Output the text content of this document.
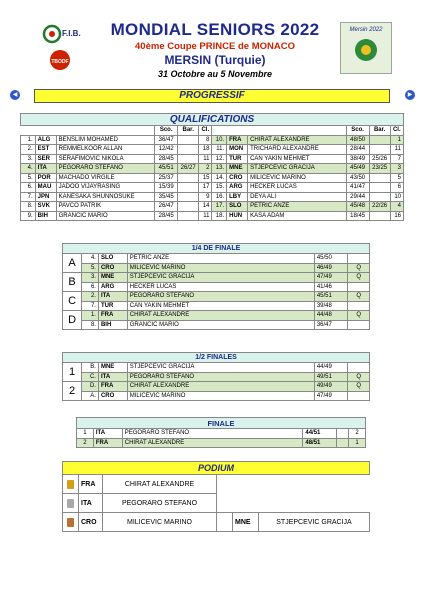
F.I.B.
TBODF
MONDIAL SENIORS 2022
40ème Coupe PRINCE de MONACO
MERSIN (Turquie)
31 Octobre au 5 Novembre
Mersin 2022
◀	PROGRESSIF	▶
QUALIFICATIONS											
			Sco.	Bar.	Cl.				Sco.	Bar.	Cl.
1.	ALG	BENSLIM MOHAMED	36/47		8	10.	FRA	CHIRAT ALEXANDRE	48/50		1
2.	EST	REMMELKOOR ALLAN	12/42		18	11.	MON	TRICHARD ALEXANDRE	28/44		11
3.	SER	SERAFIMOVIC NIKOLA	28/45		11	12.	TUR	CAN YAKIN MEHMET	38/49	25/26	7
4.	ITA	PEGORARO STEFANO	45/51	26/27	2	13.	MNE	STJEPCEVIC GRACIJA	45/49	23/25	3
5.	POR	MACHADO VIRGILE	25/37		15	14.	CRO	MILICEVIC MARINO	43/50		5
6.	MAU	JADOO VIJAYRASING	15/39		17	15.	ARG	HECKER LUCAS	41/47		6
7.	JPN	KANESAKA SHUNNOSUKE	35/45		9	16.	LBY	DEYA ALI	29/44		10
8.	SVK	PAVCO PATRIK	26/47		14	17.	SLO	PETRIC ANZE	45/48	22/26	4
9.	BIH	GRANCIC MARIO	28/45		11	18.	HUN	KASA ADAM	18/45		16
1/4 DE FINALE					
A	4.	SLO	PETRIC ANZE	45/50	
	5.	CRO	MILICEVIC MARINO	46/49	Q
B	3.	MNE	STJEPCEVIC GRACIJA	47/49	Q
	6.	ARG	HECKER LUCAS	41/46	
C	2.	ITA	PEGORARO STEFANO	45/51	Q
	7.	TUR	CAN YAKIN MEHMET	39/48	
D	1.	FRA	CHIRAT ALEXANDRE	44/48	Q
	8.	BIH	GRANCIC MARIO	36/47	
1/2 FINALES					
1	B.	MNE	STJEPCEVIC GRACIJA	44/49	
	C.	ITA	PEGORARO STEFANO	49/51	Q
2	D.	FRA	CHIRAT ALEXANDRE	49/49	Q
	A.	CRO	MILICEVIC MARINO	47/49	
FINALE					
1	ITA	PEGORARO STEFANO	44/51		2
2	FRA	CHIRAT ALEXANDRE	48/51		1
PODIUM					
	FRA	CHIRAT ALEXANDRE			
	ITA	PEGORARO STEFANO			
	CRO	MILICEVIC MARINO		MNE	STJEPCEVIC GRACIJA
